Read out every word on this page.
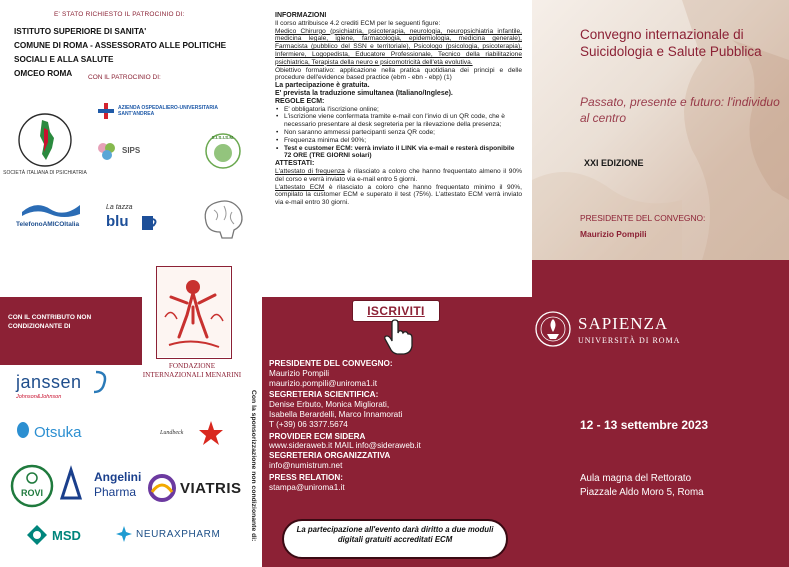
E' STATO RICHIESTO IL PATROCINIO DI:
ISTITUTO SUPERIORE DI SANITA'
COMUNE DI ROMA - ASSESSORATO ALLE POLITICHE
SOCIALI E ALLA SALUTE
OMCEO ROMA CON IL PATROCINIO DI:
SOCIETÀ ITALIANA DI PSICHIATRIA
AZIENDA OSPEDALIERO-UNIVERSITARIA
SANT'ANDREA
SIPS
S.I.S.I.S.M.
TelefonoAMICOItalia
La tazza
blu
CON IL CONTRIBUTO NON CONDIZIONANTE DI
FONDAZIONE INTERNAZIONALI MENARINI
Con la sponsorizzazione non condizionante di:
janssen
Johnson&Johnson
Otsuka	Lundbeck
ROVI
Angelini
Pharma	VIATRIS
MSD	NEURAXPHARM
INFORMAZIONI

Il corso attribuisce 4.2 crediti ECM per le seguenti figure:

Medico Chirurgo (psichiatria, psicoterapia, neurologia, neuropsichiatria infantile, medicina legale, igiene, farmacologia, epidemiologia, medicina generale), Farmacista (pubblico del SSN e territoriale), Psicologo (psicologia, psicoterapia), Infermiere, Logopedista, Educatore Professionale, Tecnico della riabilitazione psichiatrica, Terapista della neuro e psicomotricità dell'età evolutiva.

Obiettivo formativo: applicazione nella pratica quotidiana dei principi e delle procedure dell'evidence based practice (ebm - ebn - ebp) (1)

La partecipazione è gratuita.
E' prevista la traduzione simultanea (Italiano/Inglese).
REGOLE ECM:
• E' obbligatoria l'iscrizione online;
• L'iscrizione viene confermata tramite e-mail con l'invio di un QR code, che è necessario presentare al desk segreteria per la rilevazione della presenza;
• Non saranno ammessi partecipanti senza QR code;
• Frequenza minima del 90%;
• Test e customer ECM: verrà inviato il LINK via e-mail e resterà disponibile 72 ORE (TRE GIORNI solari)
ATTESTATI:

L'attestato di frequenza è rilasciato a coloro che hanno frequentato almeno il 90% del corso e verrà inviato via e-mail entro 5 giorni.

L'attestato ECM è rilasciato a coloro che hanno frequentato minimo il 90%, compilato la customer ECM e superato il test (75%). L'attestato ECM verrà inviato via e-mail entro 30 giorni.

ISCRIVITI
PRESIDENTE DEL CONVEGNO:
Maurizio Pompili
maurizio.pompili@uniroma1.it
SEGRETERIA SCIENTIFICA:
Denise Erbuto, Monica Migliorati,
Isabella Berardelli, Marco Innamorati
T (+39) 06 3377.5674
PROVIDER ECM SIDERA
www.sideraweb.it MAIL info@sideraweb.it
SEGRETERIA ORGANIZZATIVA
info@numistrum.net
PRESS RELATION:
stampa@uniroma1.it
La partecipazione all'evento darà diritto a due moduli digitali gratuiti accreditati ECM
Convegno internazionale di Suicidologia e Salute Pubblica
Passato, presente e futuro: l'individuo al centro
XXI EDIZIONE
PRESIDENTE DEL CONVEGNO:
Maurizio Pompili
SAPIENZA
UNIVERSITÀ DI ROMA
12 - 13 settembre 2023
Aula magna del Rettorato
Piazzale Aldo Moro 5, Roma
